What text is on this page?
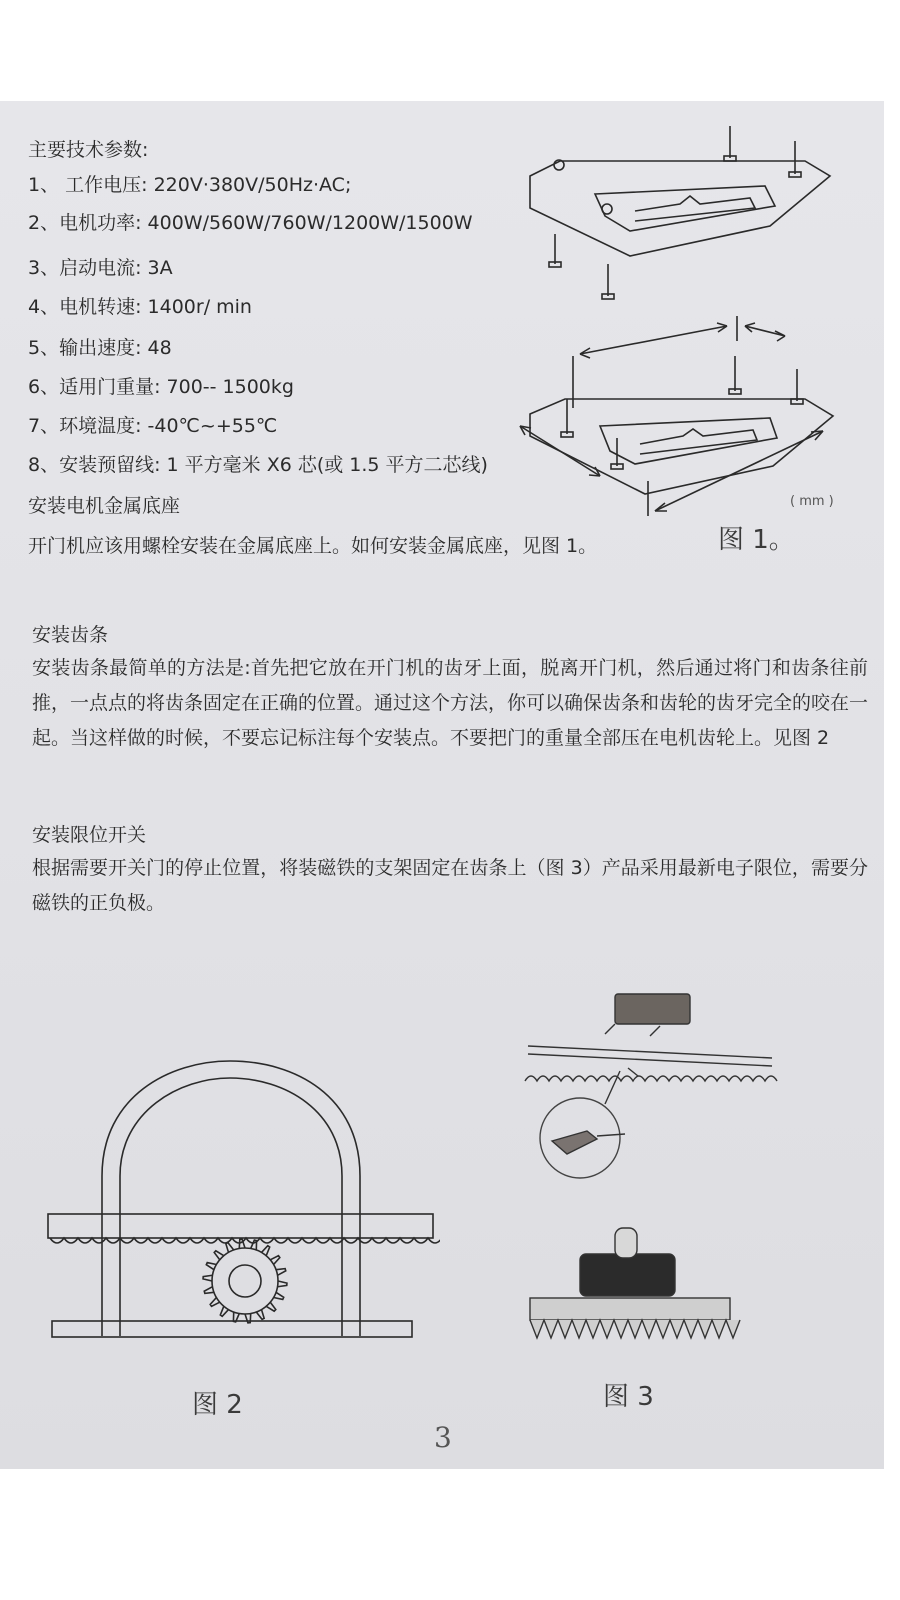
主要技术参数:
1、 工作电压: 220V·380V/50Hz·AC;
2、电机功率: 400W/560W/760W/1200W/1500W
3、启动电流: 3A
4、电机转速: 1400r/ min
5、输出速度: 48
6、适用门重量: 700-- 1500kg
7、环境温度: -40℃~+55℃
8、安装预留线: 1 平方毫米 X6 芯(或 1.5 平方二芯线)
安装电机金属底座
开门机应该用螺栓安装在金属底座上。如何安装金属底座，见图 1。
( mm )
图 1。
安装齿条
安装齿条最简单的方法是:首先把它放在开门机的齿牙上面，脱离开门机，然后通过将门和齿条往前推，一点点的将齿条固定在正确的位置。通过这个方法，你可以确保齿条和齿轮的齿牙完全的咬在一起。当这样做的时候，不要忘记标注每个安装点。不要把门的重量全部压在电机齿轮上。见图 2
安装限位开关
根据需要开关门的停止位置，将装磁铁的支架固定在齿条上（图 3）产品采用最新电子限位，需要分磁铁的正负极。
图 2	图 3
3
